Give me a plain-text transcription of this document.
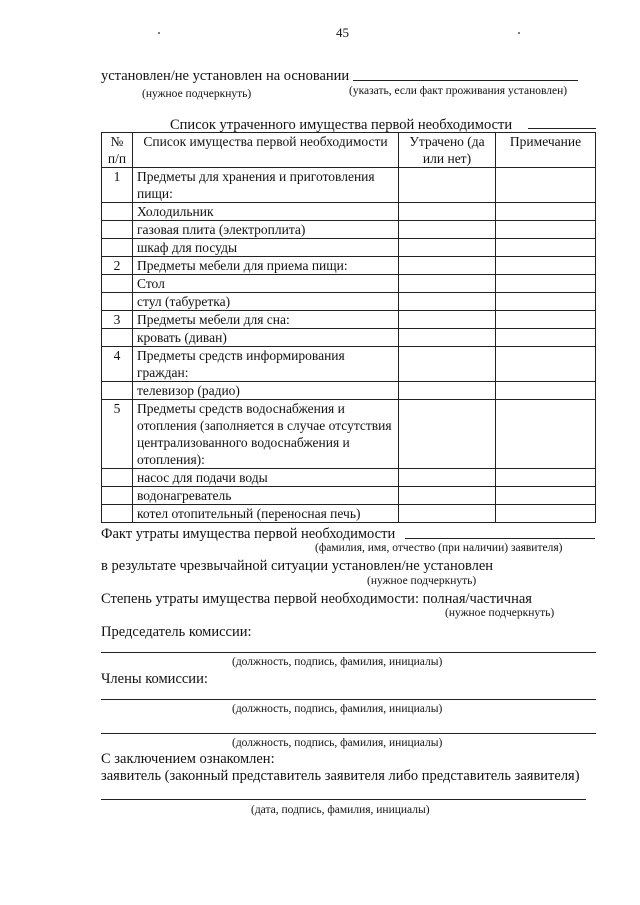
45
установлен/не установлен на основании
(нужное подчеркнуть)	(указать, если факт проживания установлен)
Список утраченного имущества первой необходимости
№ п/п	Список имущества первой необходимости	Утрачено (да или нет)	Примечание
1	Предметы для хранения и приготовления пищи:		
	Холодильник		
	газовая плита (электроплита)		
	шкаф для посуды		
2	Предметы мебели для приема пищи:		
	Стол		
	стул (табуретка)		
3	Предметы мебели для сна:		
	кровать (диван)		
4	Предметы средств информирования граждан:		
	телевизор (радио)		
5	Предметы средств водоснабжения и отопления (заполняется в случае отсутствия централизованного водоснабжения и отопления):		
	насос для подачи воды		
	водонагреватель		
	котел отопительный (переносная печь)		
Факт утраты имущества первой необходимости
(фамилия, имя, отчество (при наличии) заявителя)
в результате чрезвычайной ситуации установлен/не установлен
(нужное подчеркнуть)
Степень утраты имущества первой необходимости: полная/частичная
(нужное подчеркнуть)
Председатель комиссии:
(должность, подпись, фамилия, инициалы)
Члены комиссии:
(должность, подпись, фамилия, инициалы)
(должность, подпись, фамилия, инициалы)
С заключением ознакомлен:
заявитель (законный представитель заявителя либо представитель заявителя)
(дата, подпись, фамилия, инициалы)
